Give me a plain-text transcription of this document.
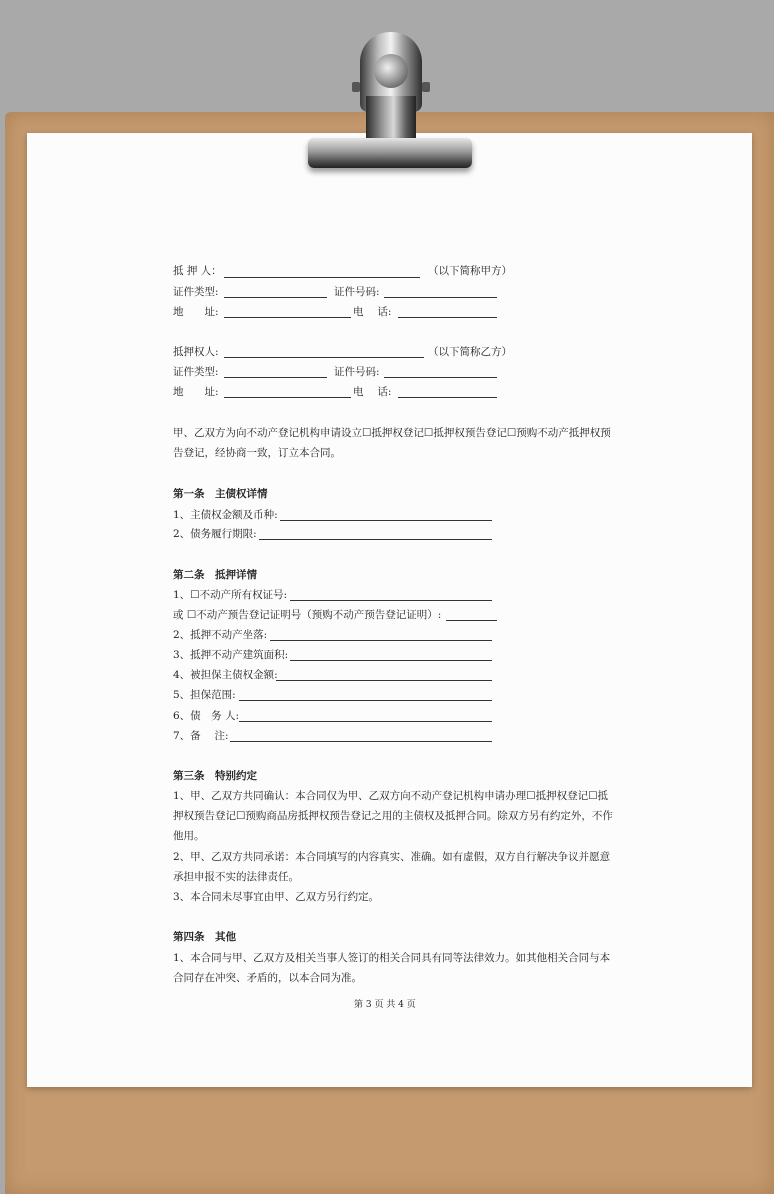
抵 押 人：	（以下简称甲方）
证件类型:	证件号码:
地　　址:	电　 话:
抵押权人:	（以下简称乙方）
证件类型:	证件号码:
地　　址:	电　 话:
甲、乙双方为向不动产登记机构申请设立☐抵押权登记☐抵押权预告登记☐预购不动产抵押权预
告登记，经协商一致，订立本合同。
第一条　主债权详情
1、主债权金额及币种:
2、债务履行期限:
第二条　抵押详情
1、☐不动产所有权证号:
或 ☐不动产预告登记证明号（预购不动产预告登记证明）:
2、抵押不动产坐落:
3、抵押不动产建筑面积:
4、被担保主债权金额:
5、担保范围:
6、债　务 人:
7、备　 注:
第三条　特别约定
1、甲、乙双方共同确认：本合同仅为甲、乙双方向不动产登记机构申请办理☐抵押权登记☐抵
押权预告登记☐预购商品房抵押权预告登记之用的主债权及抵押合同。除双方另有约定外，不作
他用。
2、甲、乙双方共同承诺：本合同填写的内容真实、准确。如有虚假，双方自行解决争议并愿意
承担申报不实的法律责任。
3、本合同未尽事宜由甲、乙双方另行约定。
第四条　其他
1、本合同与甲、乙双方及相关当事人签订的相关合同具有同等法律效力。如其他相关合同与本
合同存在冲突、矛盾的，以本合同为准。
第 3 页 共 4 页
